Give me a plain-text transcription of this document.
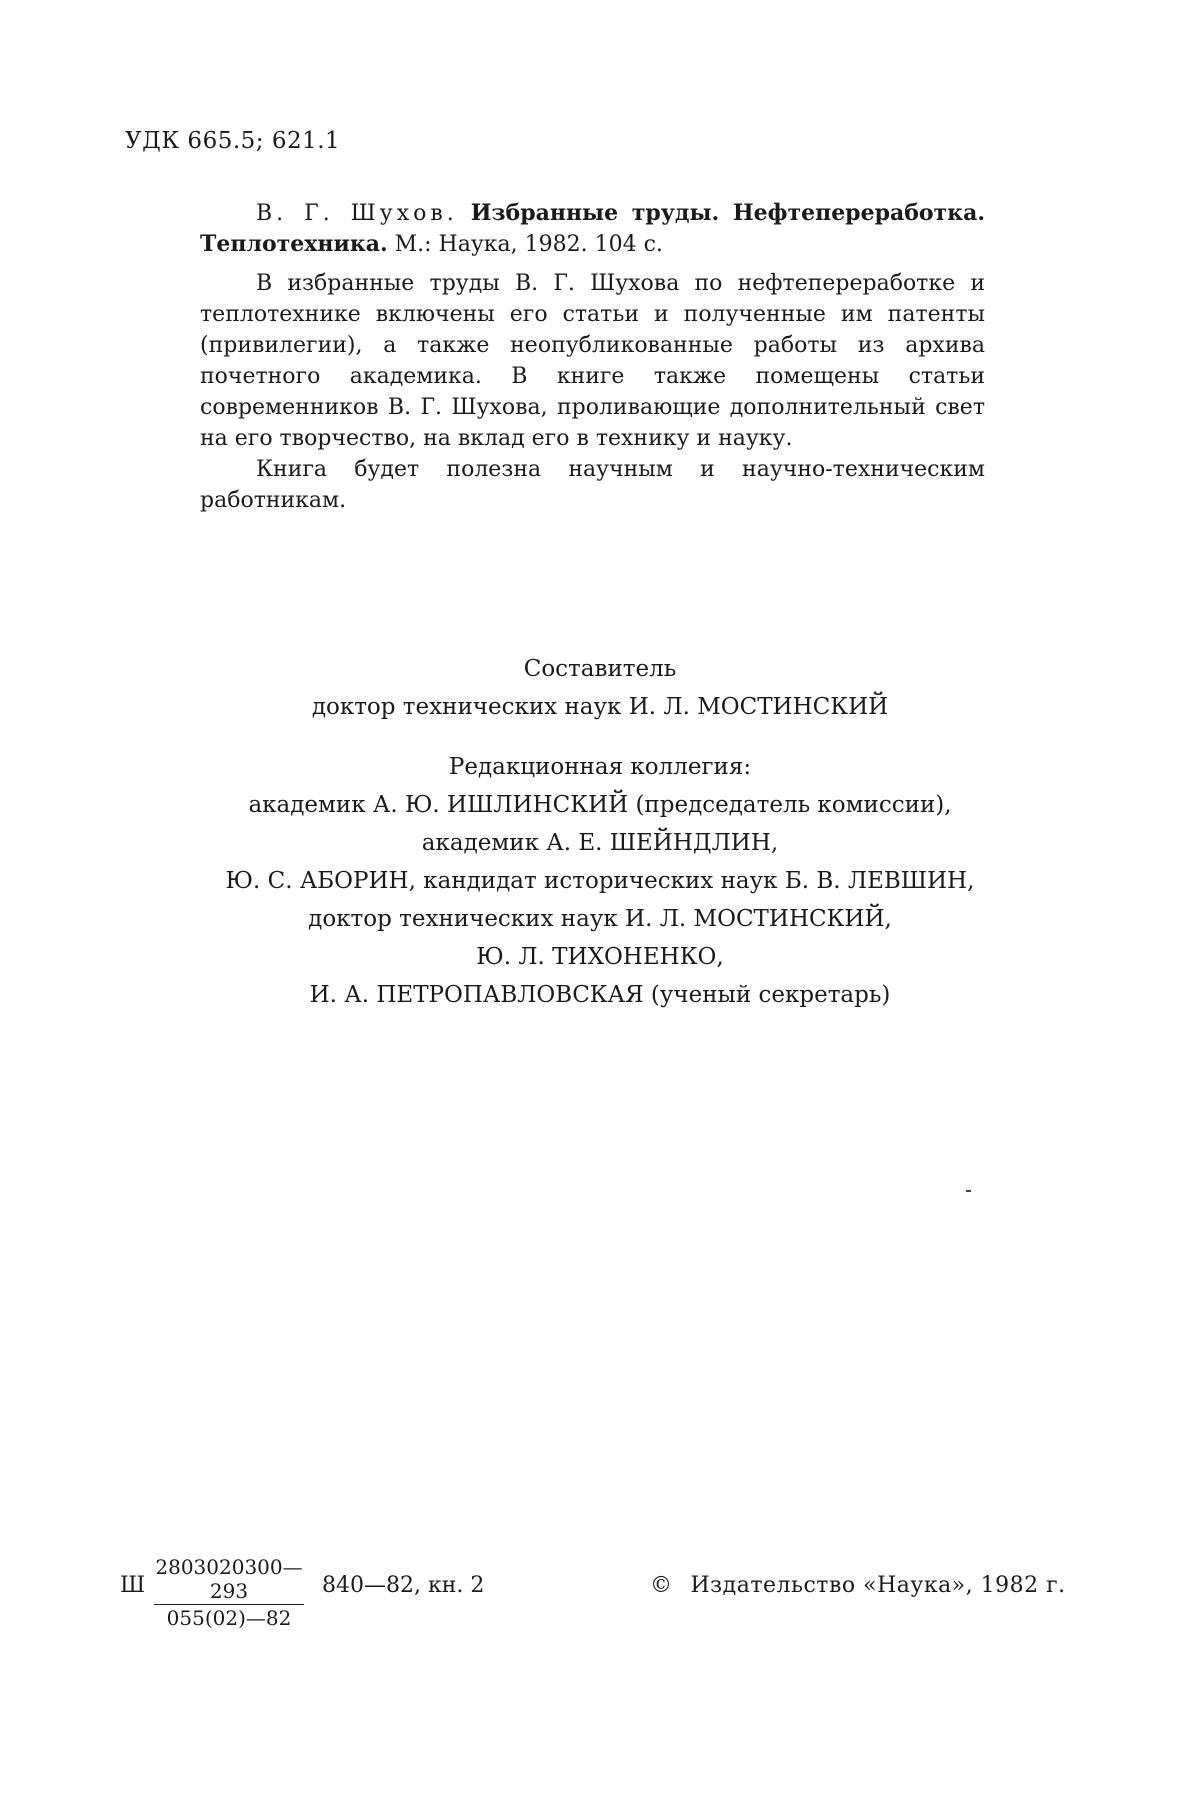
УДК 665.5; 621.1

В. Г. Шухов. Избранные труды. Нефтепереработка. Теплотехника. М.: Наука, 1982. 104 с.

В избранные труды В. Г. Шухова по нефтепереработке и теплотехнике включены его статьи и полученные им патенты (привилегии), а также неопубликованные работы из архива почетного академика. В книге также помещены статьи современников В. Г. Шухова, проливающие дополнительный свет на его творчество, на вклад его в технику и науку.

Книга будет полезна научным и научно-техническим работникам.

Составитель

доктор технических наук И. Л. МОСТИНСКИЙ

Редакционная коллегия:

академик А. Ю. ИШЛИНСКИЙ (председатель комиссии),

академик А. Е. ШЕЙНДЛИН,

Ю. С. АБОРИН, кандидат исторических наук Б. В. ЛЕВШИН,

доктор технических наук И. Л. МОСТИНСКИЙ,

Ю. Л. ТИХОНЕНКО,

И. А. ПЕТРОПАВЛОВСКАЯ (ученый секретарь)

Ш $\frac{2803020300—293}{055(02)—82}$ 840—82, кн. 2	© Издательство «Наука», 1982 г.
